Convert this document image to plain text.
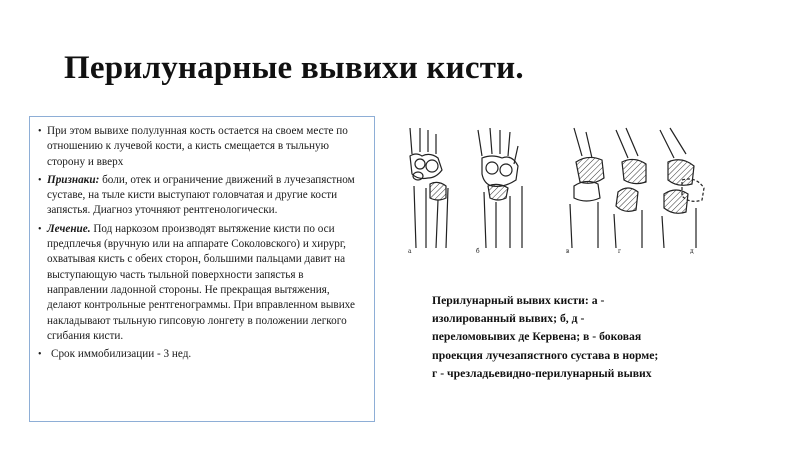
Перилунарные вывихи кисти.
• При этом вывихе полулунная кость остается на своем месте по отношению к лучевой кости, а кисть смещается в тыльную сторону и вверх
• Признаки: боли, отек и ограничение движений в лучезапястном суставе, на тыле кисти выступают головчатая и другие кости запястья. Диагноз уточняют рентгенологически.
• Лечение. Под наркозом производят вытяжение кисти по оси предплечья (вручную или на аппарате Соколовского) и хирург, охватывая кисть с обеих сторон, большими пальцами давит на выступающую часть тыльной поверхности запястья в направлении ладонной стороны. Не прекращая вытяжения, делают контрольные рентгенограммы. При вправленном вывихе накладывают тыльную гипсовую лонгету в положении легкого сгибания кисти.
• Срок иммобилизации - 3 нед.
а	б	в	г	д
Перилунарный вывих кисти: а -
изолированный вывих; б, д -
переломовывих де Кервена; в - боковая
проекция лучезапястного сустава в норме;
г - чрезладьевидно-перилунарный вывих
